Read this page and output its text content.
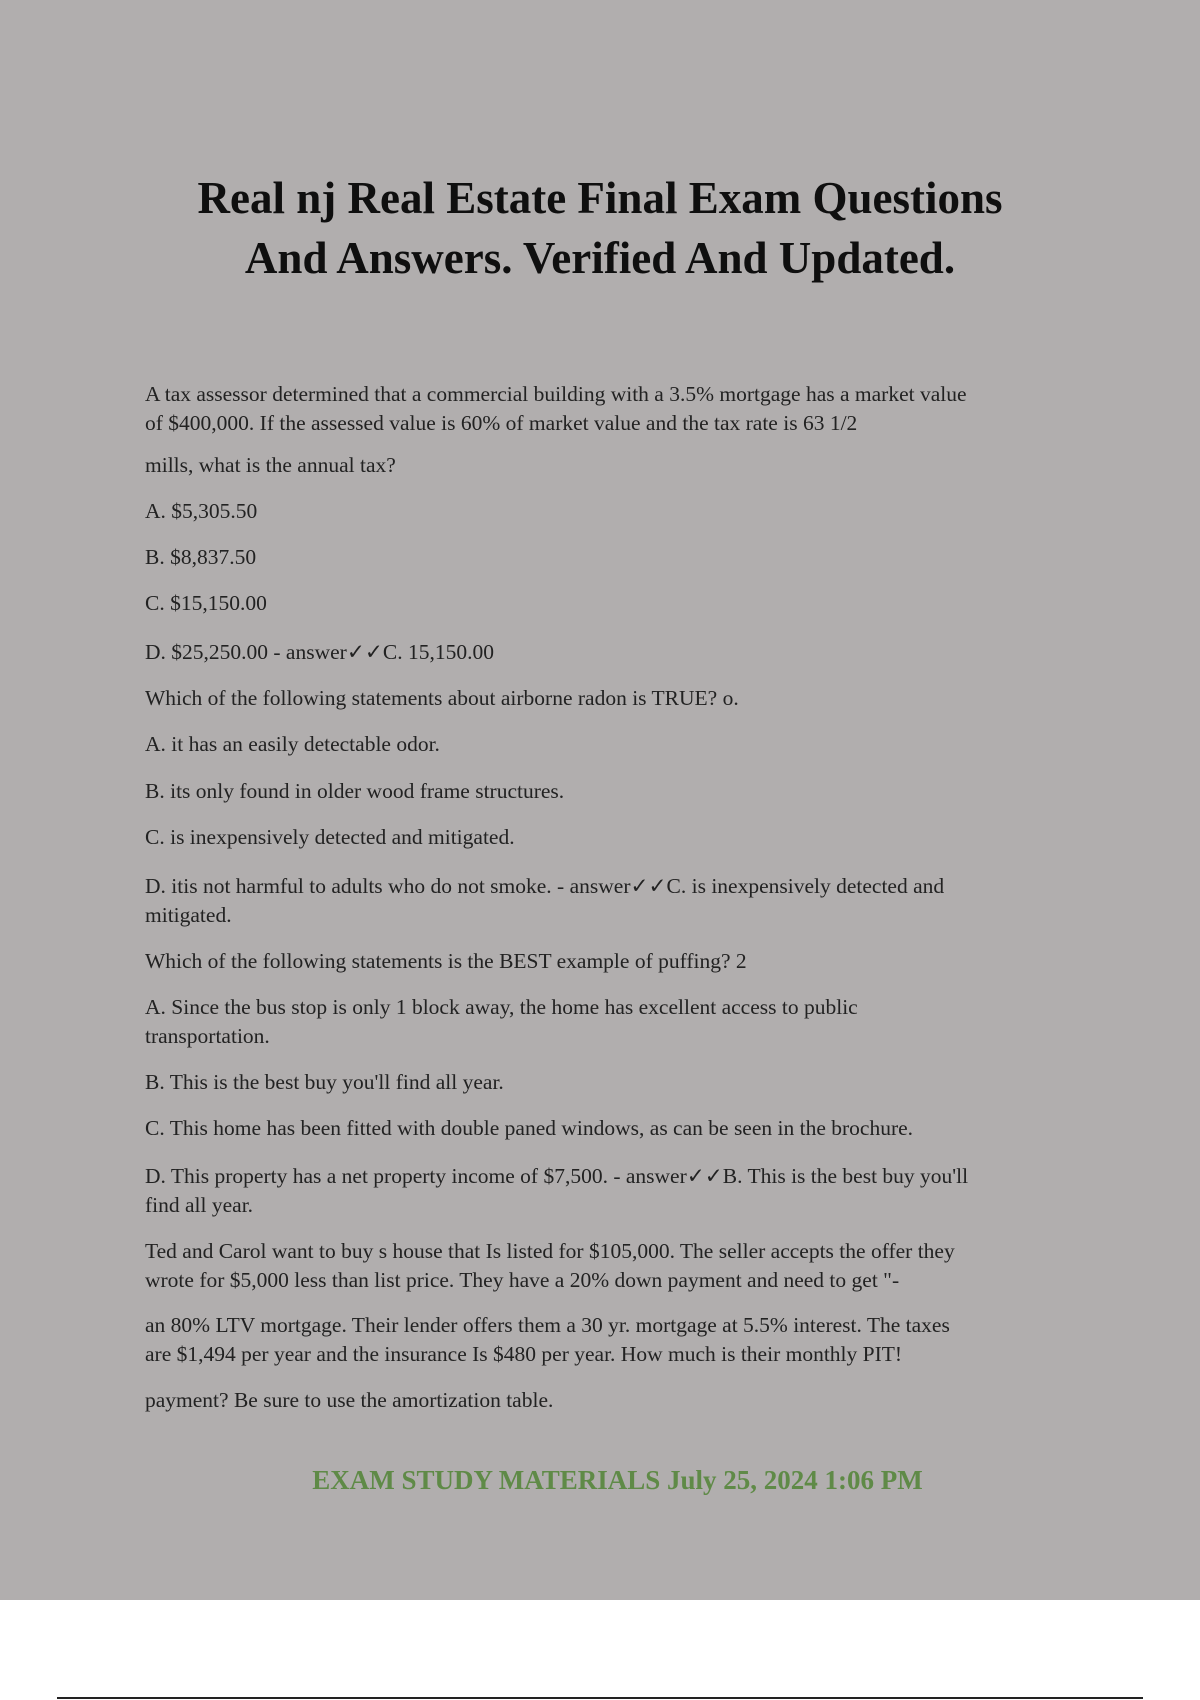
Real nj Real Estate Final Exam Questions
And Answers. Verified And Updated.

A tax assessor determined that a commercial building with a 3.5% mortgage has a market value
of $400,000. If the assessed value is 60% of market value and the tax rate is 63 1/2

mills, what is the annual tax?

A. $5,305.50

B. $8,837.50

C. $15,150.00

D. $25,250.00 - answer✓✓C. 15,150.00

Which of the following statements about airborne radon is TRUE? o.

A. it has an easily detectable odor.

B. its only found in older wood frame structures.

C. is inexpensively detected and mitigated.

D. itis not harmful to adults who do not smoke. - answer✓✓C. is inexpensively detected and
mitigated.

Which of the following statements is the BEST example of puffing? 2

A. Since the bus stop is only 1 block away, the home has excellent access to public
transportation.

B. This is the best buy you'll find all year.

C. This home has been fitted with double paned windows, as can be seen in the brochure.

D. This property has a net property income of $7,500. - answer✓✓B. This is the best buy you'll
find all year.

Ted and Carol want to buy s house that Is listed for $105,000. The seller accepts the offer they
wrote for $5,000 less than list price. They have a 20% down payment and need to get "-

an 80% LTV mortgage. Their lender offers them a 30 yr. mortgage at 5.5% interest. The taxes
are $1,494 per year and the insurance Is $480 per year. How much is their monthly PIT!

payment? Be sure to use the amortization table.

EXAM STUDY MATERIALS July 25, 2024 1:06 PM
